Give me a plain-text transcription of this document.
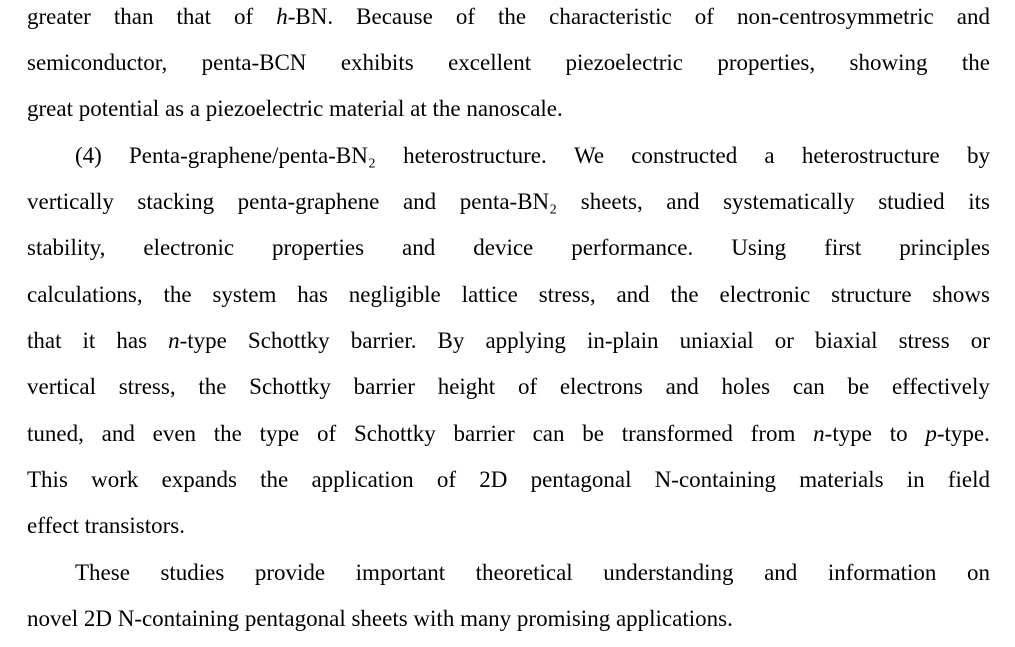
greater than that of h-BN. Because of the characteristic of non-centrosymmetric and
semiconductor, penta-BCN exhibits excellent piezoelectric properties, showing the
great potential as a piezoelectric material at the nanoscale.
(4) Penta-graphene/penta-BN₂ heterostructure. We constructed a heterostructure by
vertically stacking penta-graphene and penta-BN₂ sheets, and systematically studied its
stability, electronic properties and device performance. Using first principles
calculations, the system has negligible lattice stress, and the electronic structure shows
that it has n-type Schottky barrier. By applying in-plain uniaxial or biaxial stress or
vertical stress, the Schottky barrier height of electrons and holes can be effectively
tuned, and even the type of Schottky barrier can be transformed from n-type to p-type.
This work expands the application of 2D pentagonal N-containing materials in field
effect transistors.
These studies provide important theoretical understanding and information on
novel 2D N-containing pentagonal sheets with many promising applications.
